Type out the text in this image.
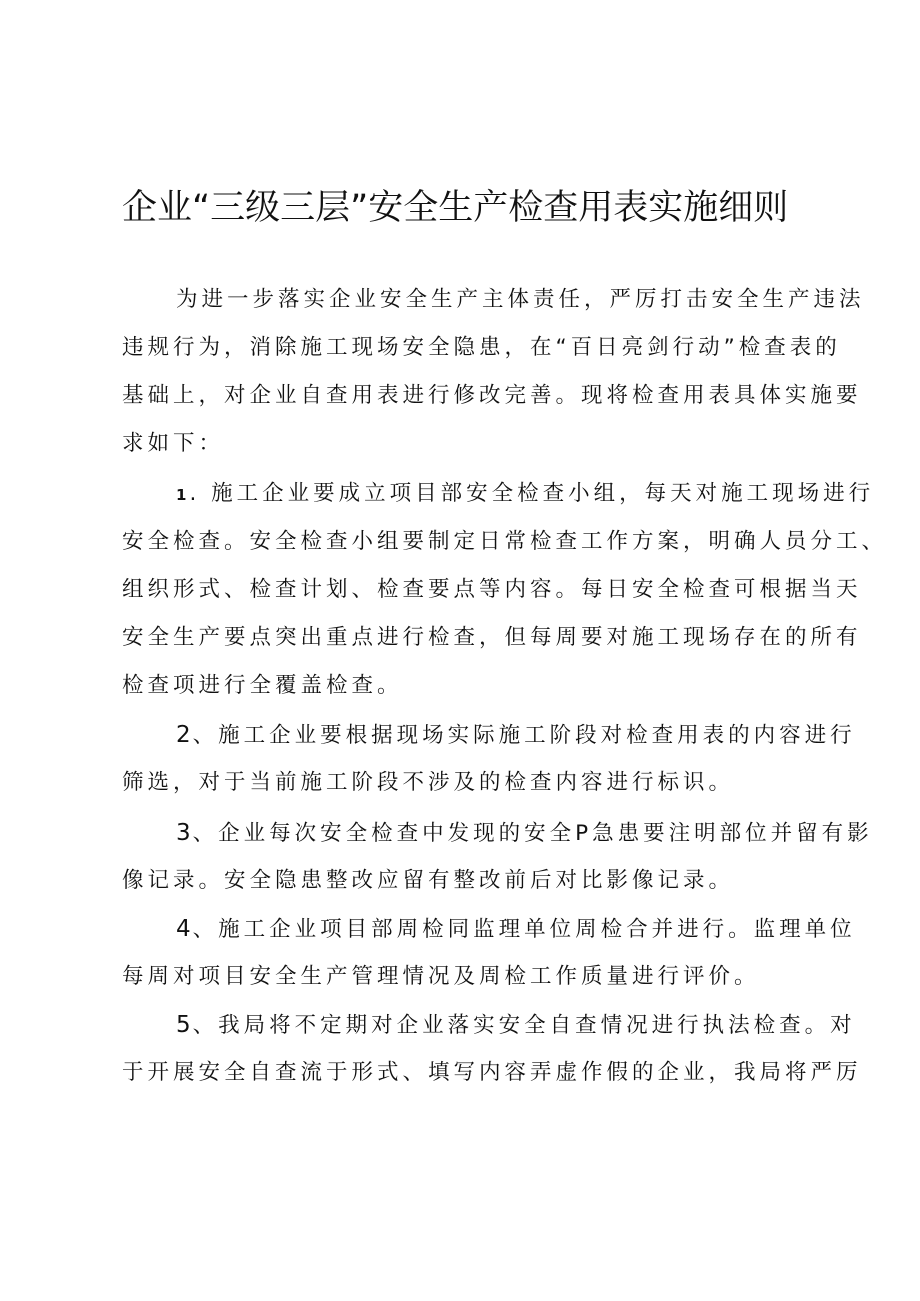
企业“三级三层”安全生产检查用表实施细则
为进一步落实企业安全生产主体责任，严厉打击安全生产违法
违规行为，消除施工现场安全隐患，在“百日亮剑行动”检查表的
基础上，对企业自查用表进行修改完善。现将检查用表具体实施要
求如下：
1. 施工企业要成立项目部安全检查小组，每天对施工现场进行
安全检查。安全检查小组要制定日常检查工作方案，明确人员分工、
组织形式、检查计划、检查要点等内容。每日安全检查可根据当天
安全生产要点突出重点进行检查，但每周要对施工现场存在的所有
检查项进行全覆盖检查。
2、施工企业要根据现场实际施工阶段对检查用表的内容进行
筛选，对于当前施工阶段不涉及的检查内容进行标识。
3、企业每次安全检查中发现的安全P急患要注明部位并留有影
像记录。安全隐患整改应留有整改前后对比影像记录。
4、施工企业项目部周检同监理单位周检合并进行。监理单位
每周对项目安全生产管理情况及周检工作质量进行评价。
5、我局将不定期对企业落实安全自查情况进行执法检查。对
于开展安全自查流于形式、填写内容弄虚作假的企业，我局将严厉
